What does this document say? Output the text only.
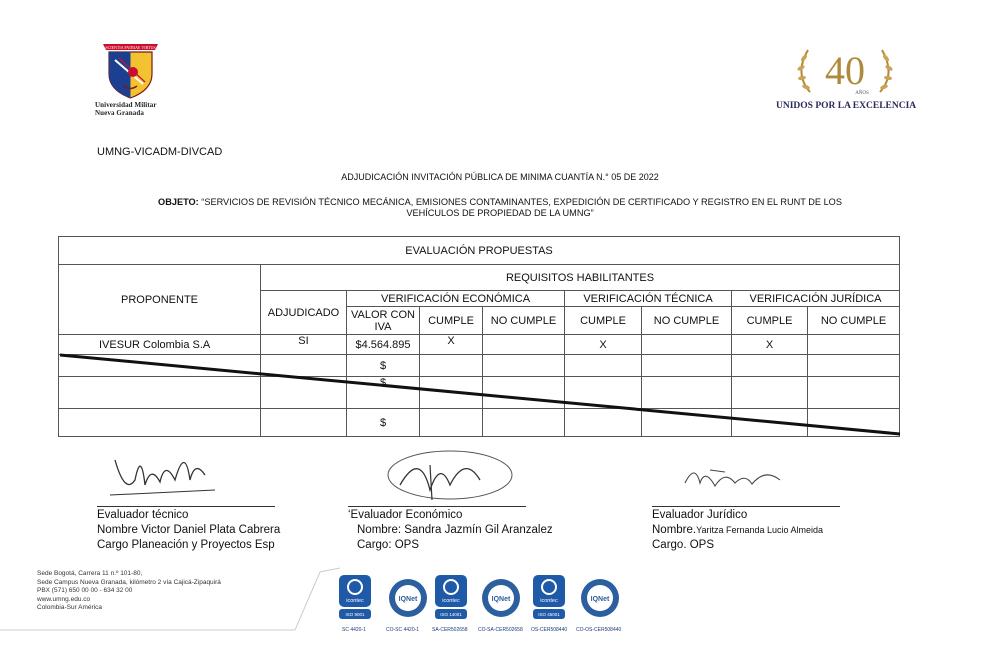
SCIENTIA PATRIAE VIRTUS
Universidad Militar
Nueva Granada
40
AÑOS
UNIDOS POR LA EXCELENCIA
UMNG-VICADM-DIVCAD
ADJUDICACIÓN INVITACIÓN PÚBLICA DE MINIMA CUANTÍA N.° 05 DE 2022
OBJETO: “SERVICIOS DE REVISIÓN TÉCNICO MECÁNICA, EMISIONES CONTAMINANTES, EXPEDICIÓN DE CERTIFICADO Y REGISTRO EN EL RUNT DE LOS VEHÍCULOS DE PROPIEDAD DE LA UMNG”
EVALUACIÓN PROPUESTAS								
PROPONENTE	REQUISITOS HABILITANTES							
	ADJUDICADO	VERIFICACIÓN ECONÓMICA			VERIFICACIÓN TÉCNICA		VERIFICACIÓN JURÍDICA	
		VALOR CON IVA	CUMPLE	NO CUMPLE	CUMPLE	NO CUMPLE	CUMPLE	NO CUMPLE
IVESUR Colombia S.A	SI	$4.564.895	X		X		X	
		$						
		$						
		$						
Evaluador técnico
Nombre Victor Daniel Plata Cabrera
Cargo Planeación y Proyectos Esp
‘Evaluador Económico
Nombre: Sandra Jazmín Gil Aranzalez
Cargo: OPS
Evaluador Jurídico
Nombre.Yaritza Fernanda Lucio Almeida
Cargo. OPS
Sede Bogotá, Carrera 11 n.º 101-80,
Sede Campus Nueva Granada, kilómetro 2 vía Cajicá-Zipaquirá
PBX (571) 650 00 00 - 634 32 00
www.umng.edu.co
Colombia-Sur América
icontec
ISO 9001
SC 4420-1
IQNet
CO-SC 4420-1
icontec
ISO 14001
SA-CER502658
IQNet
CO-SA-CER502658
icontec
ISO 45001
OS-CER508440
IQNet
CO-OS-CER508440
